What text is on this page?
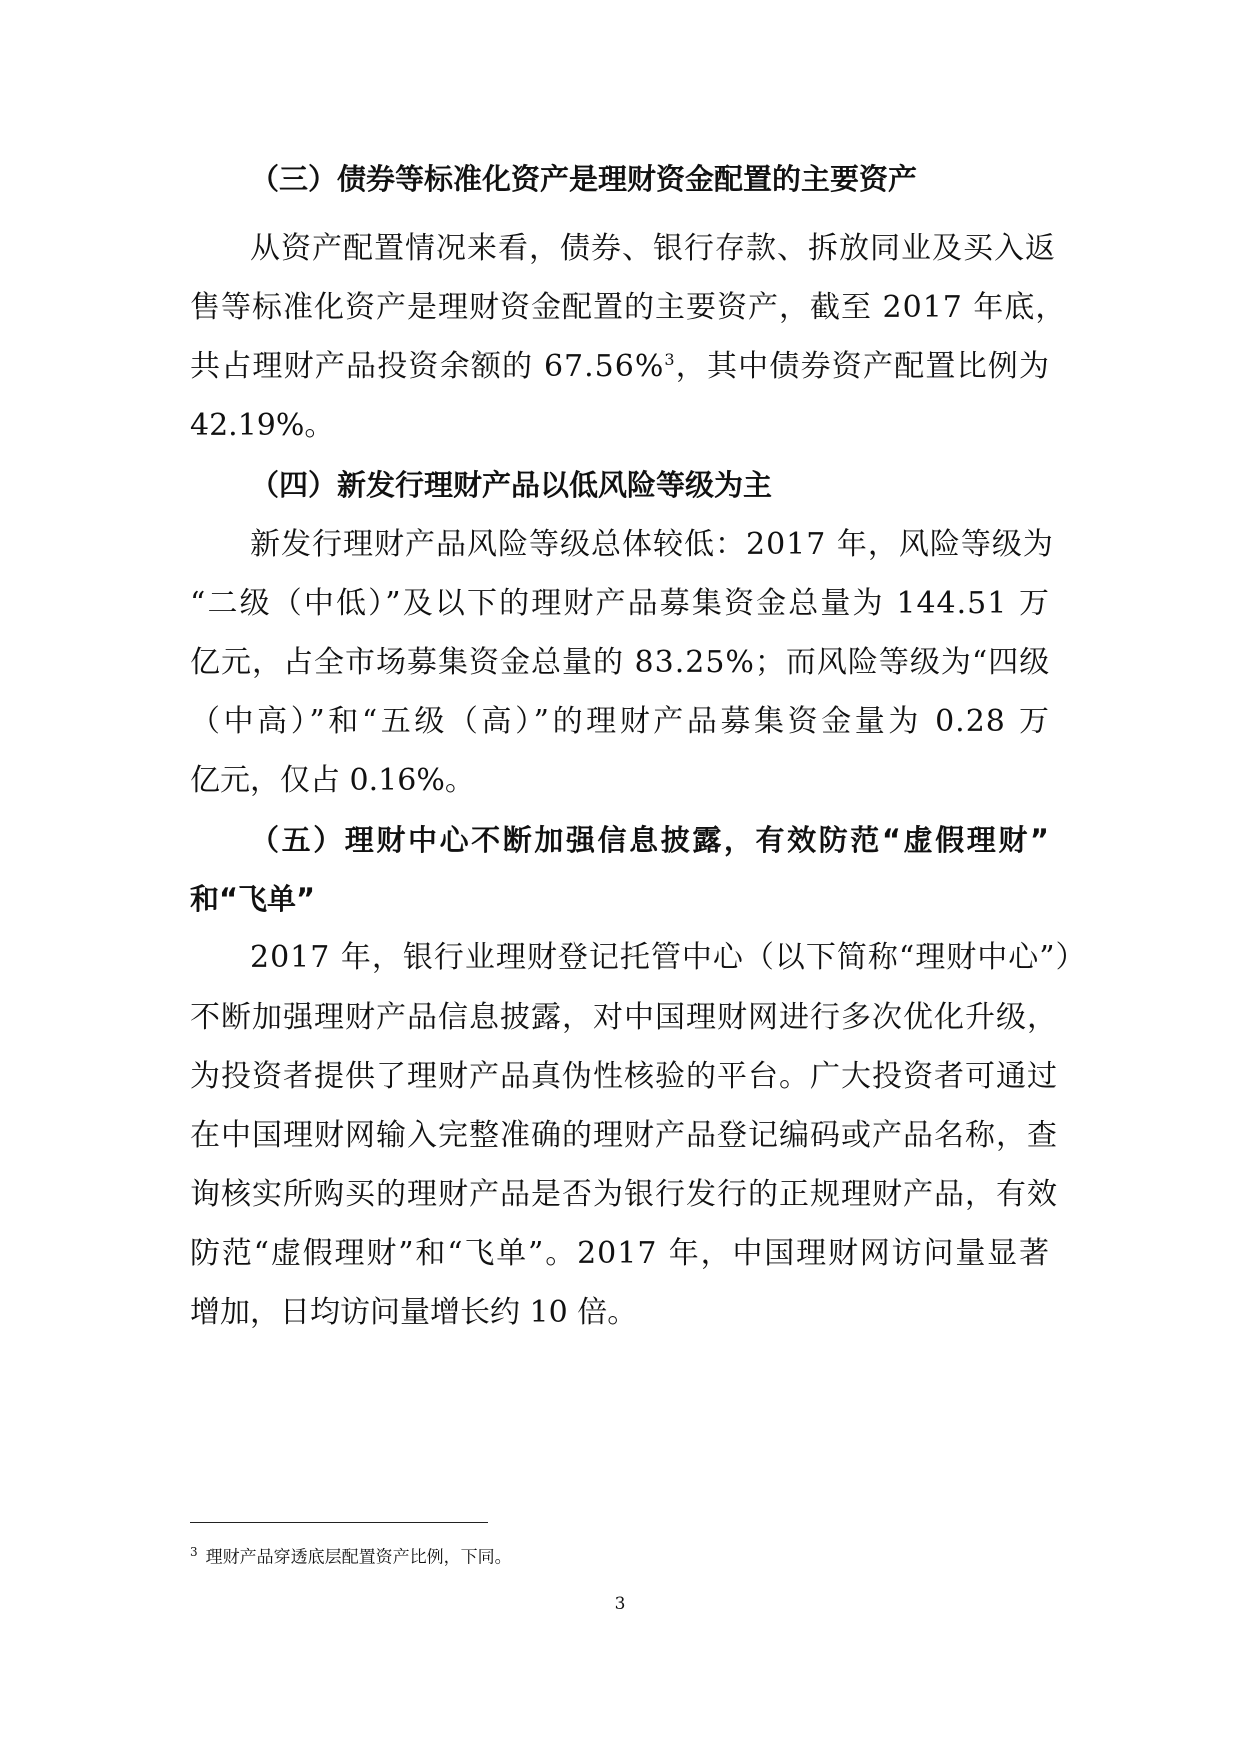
（三）债券等标准化资产是理财资金配置的主要资产
从资产配置情况来看，债券、银行存款、拆放同业及买入返
售等标准化资产是理财资金配置的主要资产，截至 2017 年底，
共占理财产品投资余额的 67.56%$^3$，其中债券资产配置比例为
42.19%。
（四）新发行理财产品以低风险等级为主
新发行理财产品风险等级总体较低：2017 年，风险等级为
“二级（中低）”及以下的理财产品募集资金总量为 144.51 万
亿元，占全市场募集资金总量的 83.25%；而风险等级为“四级
（中高）”和“五级（高）”的理财产品募集资金量为 0.28 万
亿元，仅占 0.16%。
（五）理财中心不断加强信息披露，有效防范“虚假理财”
和“飞单”
2017 年，银行业理财登记托管中心（以下简称“理财中心”）
不断加强理财产品信息披露，对中国理财网进行多次优化升级，
为投资者提供了理财产品真伪性核验的平台。广大投资者可通过
在中国理财网输入完整准确的理财产品登记编码或产品名称，查
询核实所购买的理财产品是否为银行发行的正规理财产品，有效
防范“虚假理财”和“飞单”。2017 年，中国理财网访问量显著
增加，日均访问量增长约 10 倍。
$^3$ 理财产品穿透底层配置资产比例，下同。
3
